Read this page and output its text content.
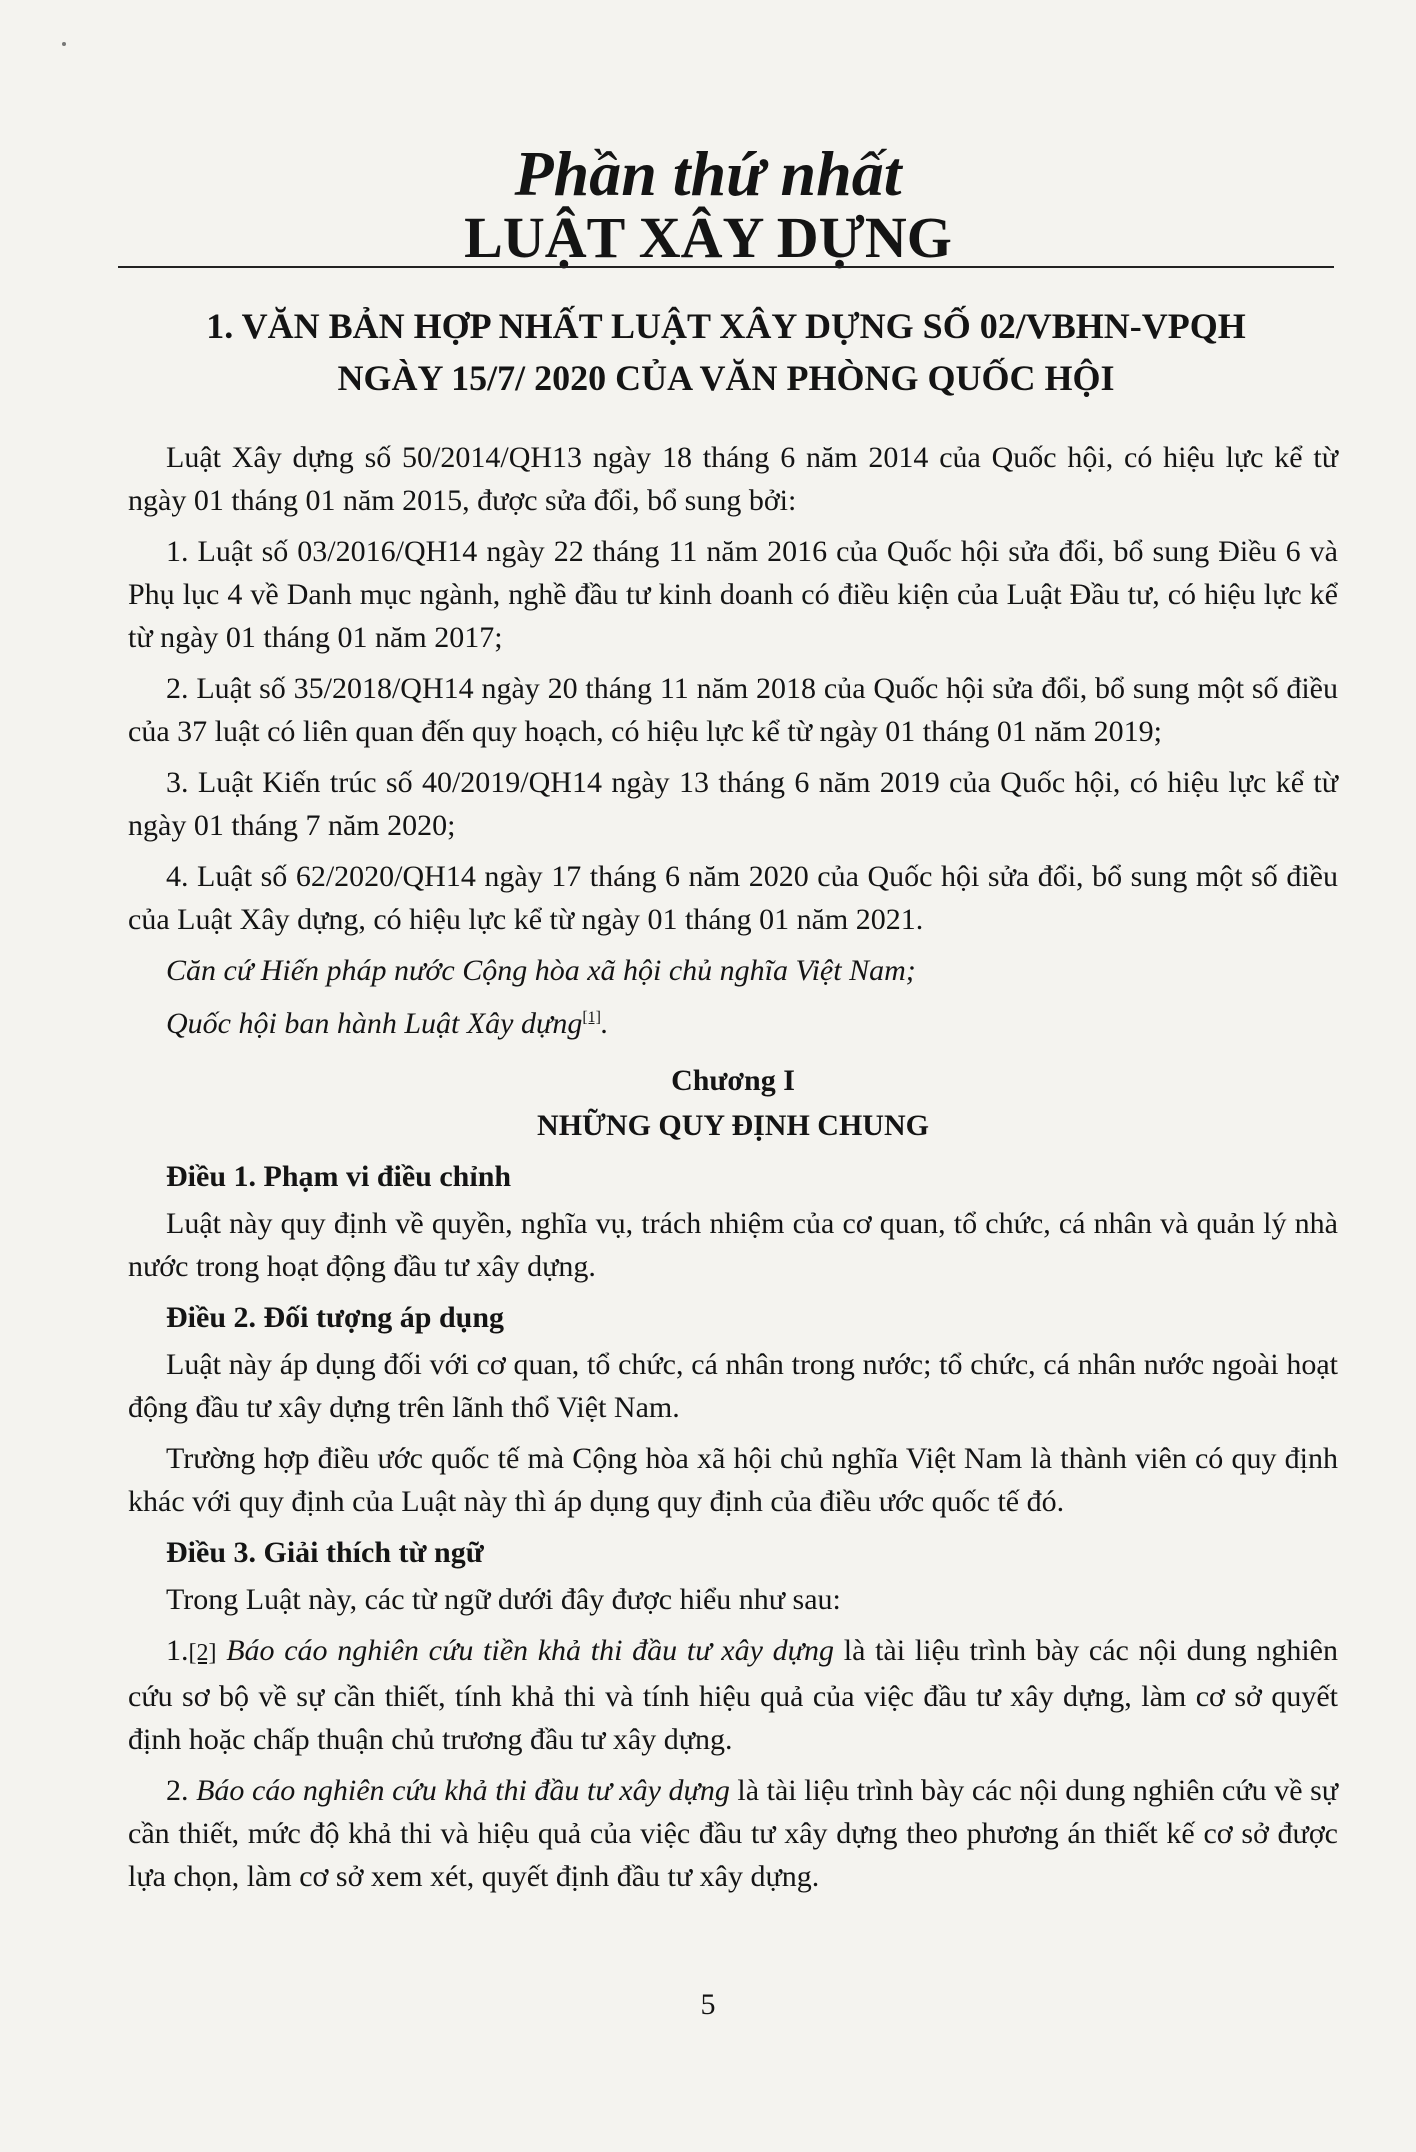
Phần thứ nhất
LUẬT XÂY DỰNG
1. VĂN BẢN HỢP NHẤT LUẬT XÂY DỰNG SỐ 02/VBHN-VPQH
NGÀY 15/7/ 2020 CỦA VĂN PHÒNG QUỐC HỘI

Luật Xây dựng số 50/2014/QH13 ngày 18 tháng 6 năm 2014 của Quốc hội, có hiệu lực kể từ ngày 01 tháng 01 năm 2015, được sửa đổi, bổ sung bởi:

1. Luật số 03/2016/QH14 ngày 22 tháng 11 năm 2016 của Quốc hội sửa đổi, bổ sung Điều 6 và Phụ lục 4 về Danh mục ngành, nghề đầu tư kinh doanh có điều kiện của Luật Đầu tư, có hiệu lực kể từ ngày 01 tháng 01 năm 2017;

2. Luật số 35/2018/QH14 ngày 20 tháng 11 năm 2018 của Quốc hội sửa đổi, bổ sung một số điều của 37 luật có liên quan đến quy hoạch, có hiệu lực kể từ ngày 01 tháng 01 năm 2019;

3. Luật Kiến trúc số 40/2019/QH14 ngày 13 tháng 6 năm 2019 của Quốc hội, có hiệu lực kể từ ngày 01 tháng 7 năm 2020;

4. Luật số 62/2020/QH14 ngày 17 tháng 6 năm 2020 của Quốc hội sửa đổi, bổ sung một số điều của Luật Xây dựng, có hiệu lực kể từ ngày 01 tháng 01 năm 2021.

Căn cứ Hiến pháp nước Cộng hòa xã hội chủ nghĩa Việt Nam;

Quốc hội ban hành Luật Xây dựng[1].

Chương I

NHỮNG QUY ĐỊNH CHUNG

Điều 1. Phạm vi điều chỉnh

Luật này quy định về quyền, nghĩa vụ, trách nhiệm của cơ quan, tổ chức, cá nhân và quản lý nhà nước trong hoạt động đầu tư xây dựng.

Điều 2. Đối tượng áp dụng

Luật này áp dụng đối với cơ quan, tổ chức, cá nhân trong nước; tổ chức, cá nhân nước ngoài hoạt động đầu tư xây dựng trên lãnh thổ Việt Nam.

Trường hợp điều ước quốc tế mà Cộng hòa xã hội chủ nghĩa Việt Nam là thành viên có quy định khác với quy định của Luật này thì áp dụng quy định của điều ước quốc tế đó.

Điều 3. Giải thích từ ngữ

Trong Luật này, các từ ngữ dưới đây được hiểu như sau:

1.[2] Báo cáo nghiên cứu tiền khả thi đầu tư xây dựng là tài liệu trình bày các nội dung nghiên cứu sơ bộ về sự cần thiết, tính khả thi và tính hiệu quả của việc đầu tư xây dựng, làm cơ sở quyết định hoặc chấp thuận chủ trương đầu tư xây dựng.

2. Báo cáo nghiên cứu khả thi đầu tư xây dựng là tài liệu trình bày các nội dung nghiên cứu về sự cần thiết, mức độ khả thi và hiệu quả của việc đầu tư xây dựng theo phương án thiết kế cơ sở được lựa chọn, làm cơ sở xem xét, quyết định đầu tư xây dựng.

5
